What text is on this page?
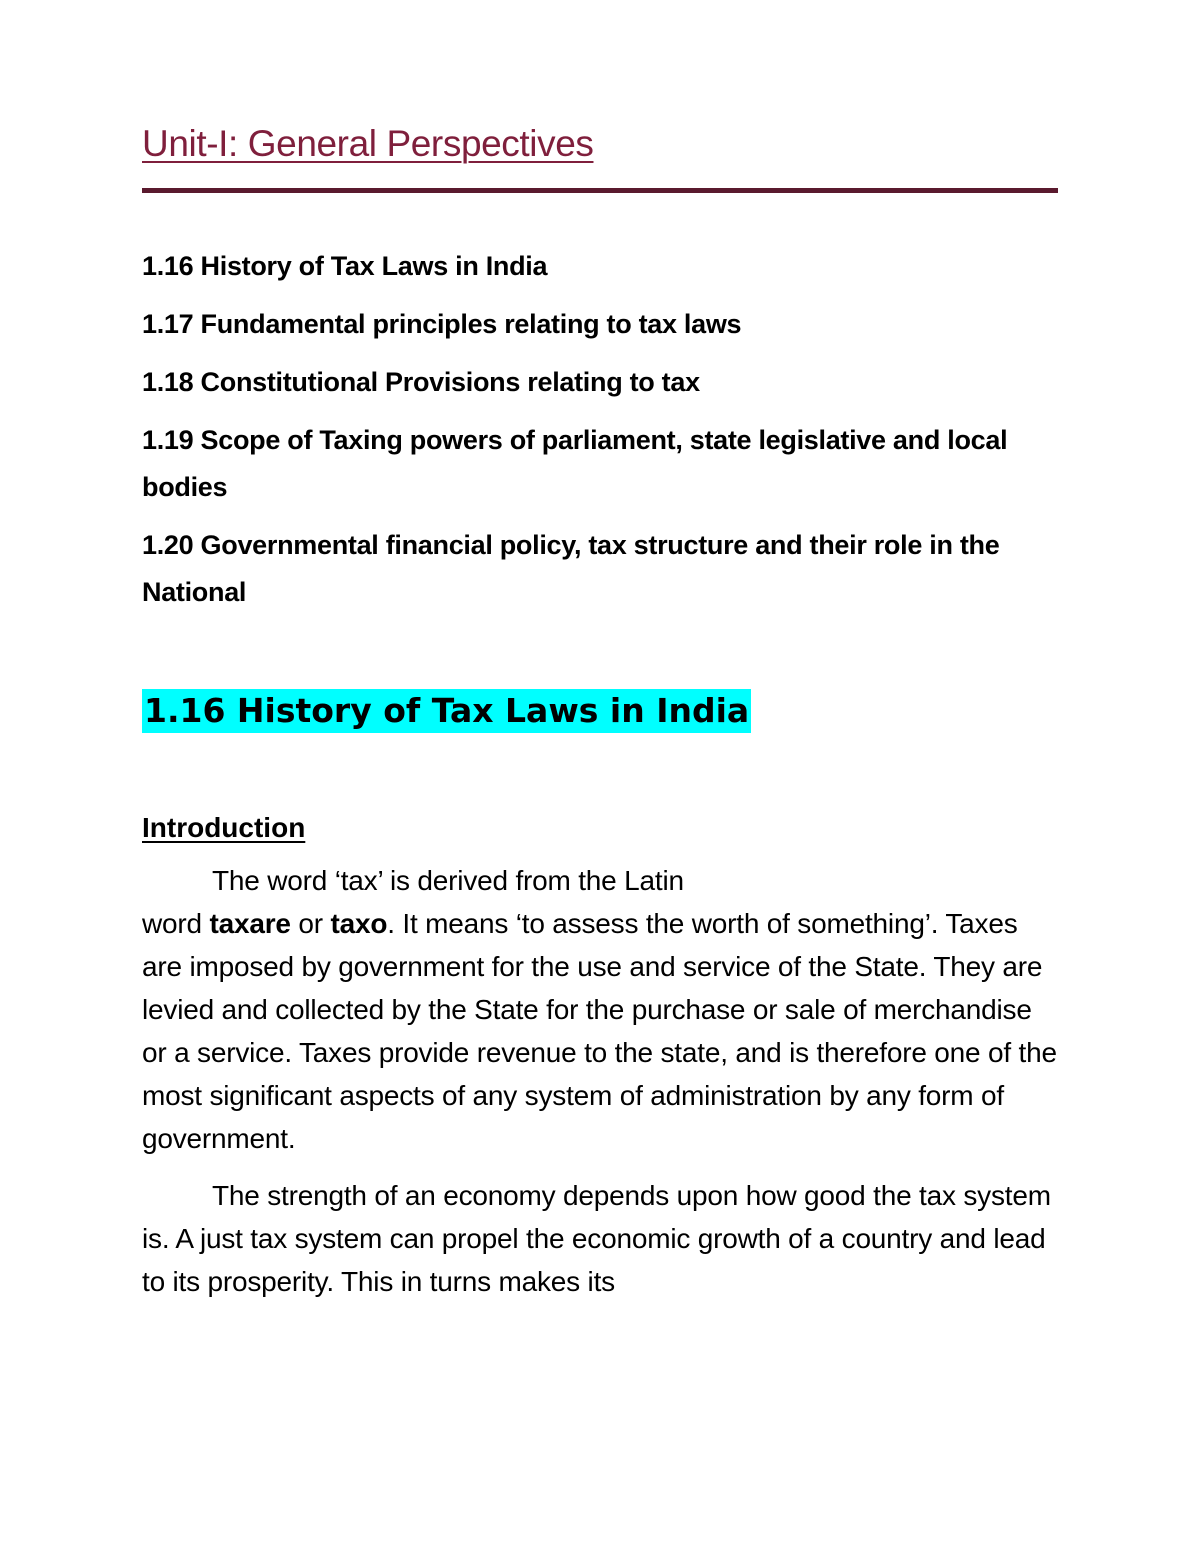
Unit-I: General Perspectives

1.16 History of Tax Laws in India

1.17 Fundamental principles relating to tax laws

1.18 Constitutional Provisions relating to tax

1.19 Scope of Taxing powers of parliament, state legislative and local bodies

1.20 Governmental financial policy, tax structure and their role in the National

1.16 History of Tax Laws in India
Introduction

The word ‘tax’ is derived from the Latin
word taxare or taxo. It means ‘to assess the worth of something’. Taxes are imposed by government for the use and service of the State. They are levied and collected by the State for the purchase or sale of merchandise or a service. Taxes provide revenue to the state, and is therefore one of the most significant aspects of any system of administration by any form of government.

The strength of an economy depends upon how good the tax system is. A just tax system can propel the economic growth of a country and lead to its prosperity. This in turns makes its
